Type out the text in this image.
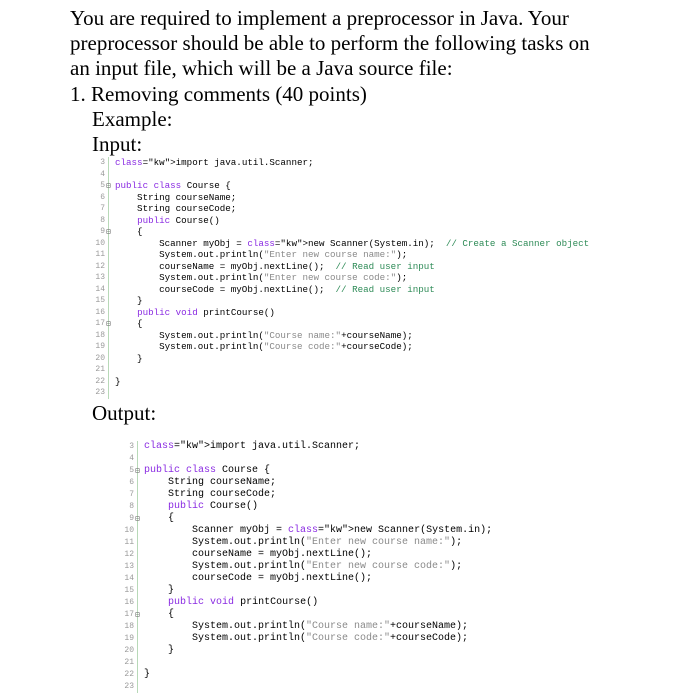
You are required to implement a preprocessor in Java. Your

preprocessor should be able to perform the following tasks on

an input file, which will be a Java source file:

1. Removing comments (40 points)
Example:
Input:
3 class="kw">import java.util.Scanner;
4
5 ⊟ public class Course {
6 String courseName;
7 String courseCode;
8	public Course()
9 ⊟ {
10 Scanner myObj = class="kw">new Scanner(System.in);  // Create a Scanner object
11 System.out.println("Enter new course name:");
12 courseName = myObj.nextLine();  // Read user input
13 System.out.println("Enter new course code:");
14 courseCode = myObj.nextLine();  // Read user input
15 }
16	public void printCourse()
17 ⊟ {
18 System.out.println("Course name:"+courseName);
19 System.out.println("Course code:"+courseCode);
20 }
21
22 }
23
Output:
3 class="kw">import java.util.Scanner;
4
5 ⊟ public class Course {
6 String courseName;
7 String courseCode;
8	public Course()
9 ⊟ {
10 Scanner myObj = class="kw">new Scanner(System.in);
11 System.out.println("Enter new course name:");
12 courseName = myObj.nextLine();
13 System.out.println("Enter new course code:");
14 courseCode = myObj.nextLine();
15 }
16	public void printCourse()
17 ⊟ {
18 System.out.println("Course name:"+courseName);
19 System.out.println("Course code:"+courseCode);
20 }
21
22 }
23
